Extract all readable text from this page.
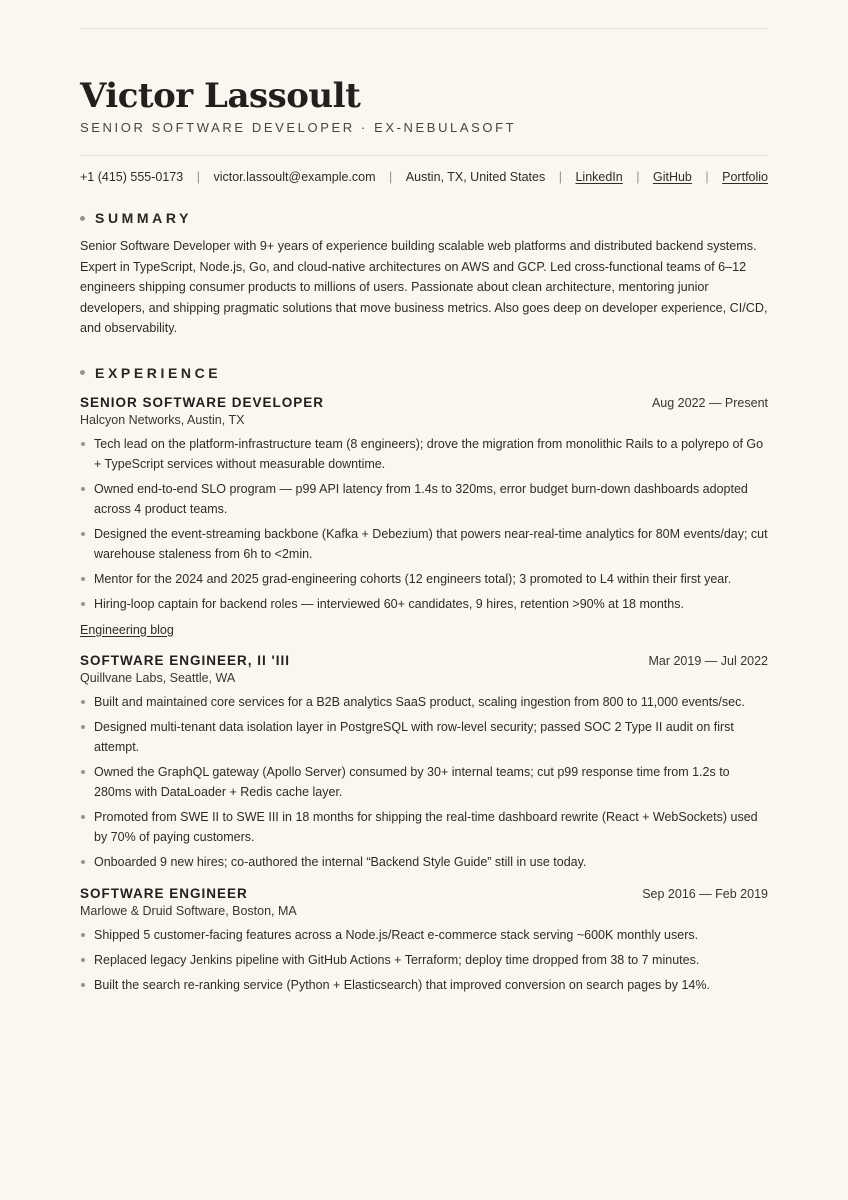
Victor Lassoult
SENIOR SOFTWARE DEVELOPER · EX-NEBULASOFT
+1 (415) 555-0173 | victor.lassoult@example.com | Austin, TX, United States | LinkedIn | GitHub | Portfolio
SUMMARY
Senior Software Developer with 9+ years of experience building scalable web platforms and distributed backend systems. Expert in TypeScript, Node.js, Go, and cloud-native architectures on AWS and GCP. Led cross-functional teams of 6–12 engineers shipping consumer products to millions of users. Passionate about clean architecture, mentoring junior developers, and shipping pragmatic solutions that move business metrics. Also goes deep on developer experience, CI/CD, and observability.
EXPERIENCE
SENIOR SOFTWARE DEVELOPER	Aug 2022 — Present
Halcyon Networks, Austin, TX
Tech lead on the platform-infrastructure team (8 engineers); drove the migration from monolithic Rails to a polyrepo of Go + TypeScript services without measurable downtime.
Owned end-to-end SLO program — p99 API latency from 1.4s to 320ms, error budget burn-down dashboards adopted across 4 product teams.
Designed the event-streaming backbone (Kafka + Debezium) that powers near-real-time analytics for 80M events/day; cut warehouse staleness from 6h to <2min.
Mentor for the 2024 and 2025 grad-engineering cohorts (12 engineers total); 3 promoted to L4 within their first year.
Hiring-loop captain for backend roles — interviewed 60+ candidates, 9 hires, retention >90% at 18 months.
Engineering blog
SOFTWARE ENGINEER, II 'III	Mar 2019 — Jul 2022
Quillvane Labs, Seattle, WA
Built and maintained core services for a B2B analytics SaaS product, scaling ingestion from 800 to 11,000 events/sec.
Designed multi-tenant data isolation layer in PostgreSQL with row-level security; passed SOC 2 Type II audit on first attempt.
Owned the GraphQL gateway (Apollo Server) consumed by 30+ internal teams; cut p99 response time from 1.2s to 280ms with DataLoader + Redis cache layer.
Promoted from SWE II to SWE III in 18 months for shipping the real-time dashboard rewrite (React + WebSockets) used by 70% of paying customers.
Onboarded 9 new hires; co-authored the internal “Backend Style Guide” still in use today.
SOFTWARE ENGINEER	Sep 2016 — Feb 2019
Marlowe & Druid Software, Boston, MA
Shipped 5 customer-facing features across a Node.js/React e-commerce stack serving ~600K monthly users.
Replaced legacy Jenkins pipeline with GitHub Actions + Terraform; deploy time dropped from 38 to 7 minutes.
Built the search re-ranking service (Python + Elasticsearch) that improved conversion on search pages by 14%.
